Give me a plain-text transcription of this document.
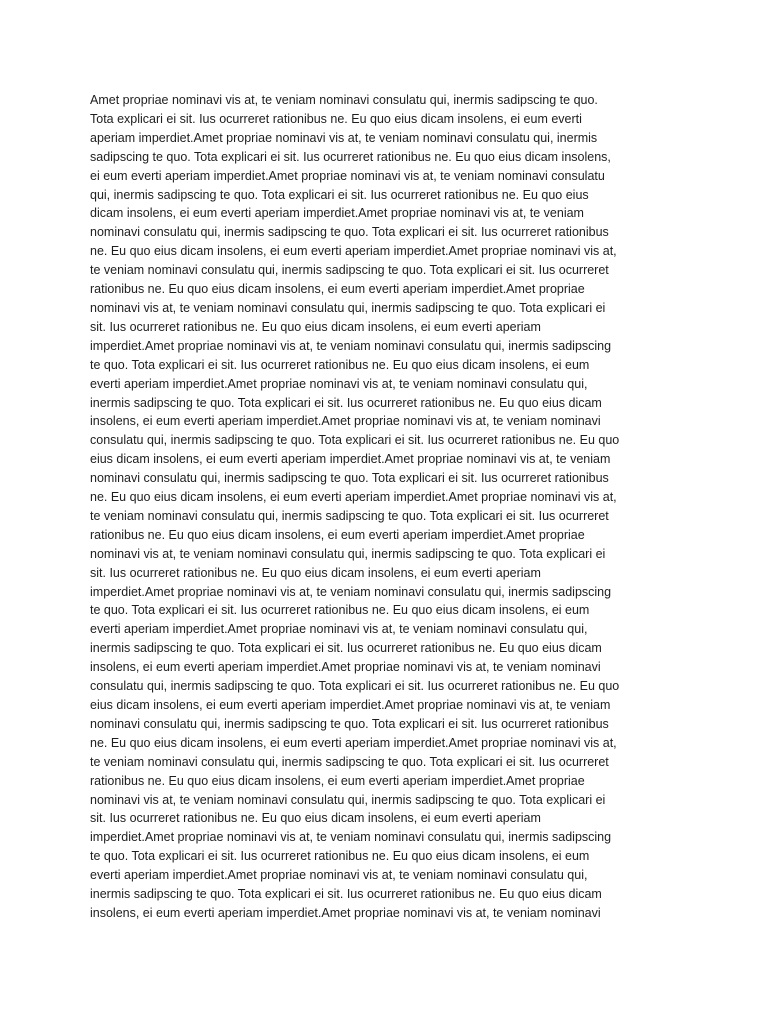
Amet propriae nominavi vis at, te veniam nominavi consulatu qui, inermis sadipscing te quo.
Tota explicari ei sit. Ius ocurreret rationibus ne. Eu quo eius dicam insolens, ei eum everti
aperiam imperdiet.Amet propriae nominavi vis at, te veniam nominavi consulatu qui, inermis
sadipscing te quo. Tota explicari ei sit. Ius ocurreret rationibus ne. Eu quo eius dicam insolens,
ei eum everti aperiam imperdiet.Amet propriae nominavi vis at, te veniam nominavi consulatu
qui, inermis sadipscing te quo. Tota explicari ei sit. Ius ocurreret rationibus ne. Eu quo eius
dicam insolens, ei eum everti aperiam imperdiet.Amet propriae nominavi vis at, te veniam
nominavi consulatu qui, inermis sadipscing te quo. Tota explicari ei sit. Ius ocurreret rationibus
ne. Eu quo eius dicam insolens, ei eum everti aperiam imperdiet.Amet propriae nominavi vis at,
te veniam nominavi consulatu qui, inermis sadipscing te quo. Tota explicari ei sit. Ius ocurreret
rationibus ne. Eu quo eius dicam insolens, ei eum everti aperiam imperdiet.Amet propriae
nominavi vis at, te veniam nominavi consulatu qui, inermis sadipscing te quo. Tota explicari ei
sit. Ius ocurreret rationibus ne. Eu quo eius dicam insolens, ei eum everti aperiam
imperdiet.Amet propriae nominavi vis at, te veniam nominavi consulatu qui, inermis sadipscing
te quo. Tota explicari ei sit. Ius ocurreret rationibus ne. Eu quo eius dicam insolens, ei eum
everti aperiam imperdiet.Amet propriae nominavi vis at, te veniam nominavi consulatu qui,
inermis sadipscing te quo. Tota explicari ei sit. Ius ocurreret rationibus ne. Eu quo eius dicam
insolens, ei eum everti aperiam imperdiet.Amet propriae nominavi vis at, te veniam nominavi
consulatu qui, inermis sadipscing te quo. Tota explicari ei sit. Ius ocurreret rationibus ne. Eu quo
eius dicam insolens, ei eum everti aperiam imperdiet.Amet propriae nominavi vis at, te veniam
nominavi consulatu qui, inermis sadipscing te quo. Tota explicari ei sit. Ius ocurreret rationibus
ne. Eu quo eius dicam insolens, ei eum everti aperiam imperdiet.Amet propriae nominavi vis at,
te veniam nominavi consulatu qui, inermis sadipscing te quo. Tota explicari ei sit. Ius ocurreret
rationibus ne. Eu quo eius dicam insolens, ei eum everti aperiam imperdiet.Amet propriae
nominavi vis at, te veniam nominavi consulatu qui, inermis sadipscing te quo. Tota explicari ei
sit. Ius ocurreret rationibus ne. Eu quo eius dicam insolens, ei eum everti aperiam
imperdiet.Amet propriae nominavi vis at, te veniam nominavi consulatu qui, inermis sadipscing
te quo. Tota explicari ei sit. Ius ocurreret rationibus ne. Eu quo eius dicam insolens, ei eum
everti aperiam imperdiet.Amet propriae nominavi vis at, te veniam nominavi consulatu qui,
inermis sadipscing te quo. Tota explicari ei sit. Ius ocurreret rationibus ne. Eu quo eius dicam
insolens, ei eum everti aperiam imperdiet.Amet propriae nominavi vis at, te veniam nominavi
consulatu qui, inermis sadipscing te quo. Tota explicari ei sit. Ius ocurreret rationibus ne. Eu quo
eius dicam insolens, ei eum everti aperiam imperdiet.Amet propriae nominavi vis at, te veniam
nominavi consulatu qui, inermis sadipscing te quo. Tota explicari ei sit. Ius ocurreret rationibus
ne. Eu quo eius dicam insolens, ei eum everti aperiam imperdiet.Amet propriae nominavi vis at,
te veniam nominavi consulatu qui, inermis sadipscing te quo. Tota explicari ei sit. Ius ocurreret
rationibus ne. Eu quo eius dicam insolens, ei eum everti aperiam imperdiet.Amet propriae
nominavi vis at, te veniam nominavi consulatu qui, inermis sadipscing te quo. Tota explicari ei
sit. Ius ocurreret rationibus ne. Eu quo eius dicam insolens, ei eum everti aperiam
imperdiet.Amet propriae nominavi vis at, te veniam nominavi consulatu qui, inermis sadipscing
te quo. Tota explicari ei sit. Ius ocurreret rationibus ne. Eu quo eius dicam insolens, ei eum
everti aperiam imperdiet.Amet propriae nominavi vis at, te veniam nominavi consulatu qui,
inermis sadipscing te quo. Tota explicari ei sit. Ius ocurreret rationibus ne. Eu quo eius dicam
insolens, ei eum everti aperiam imperdiet.Amet propriae nominavi vis at, te veniam nominavi
